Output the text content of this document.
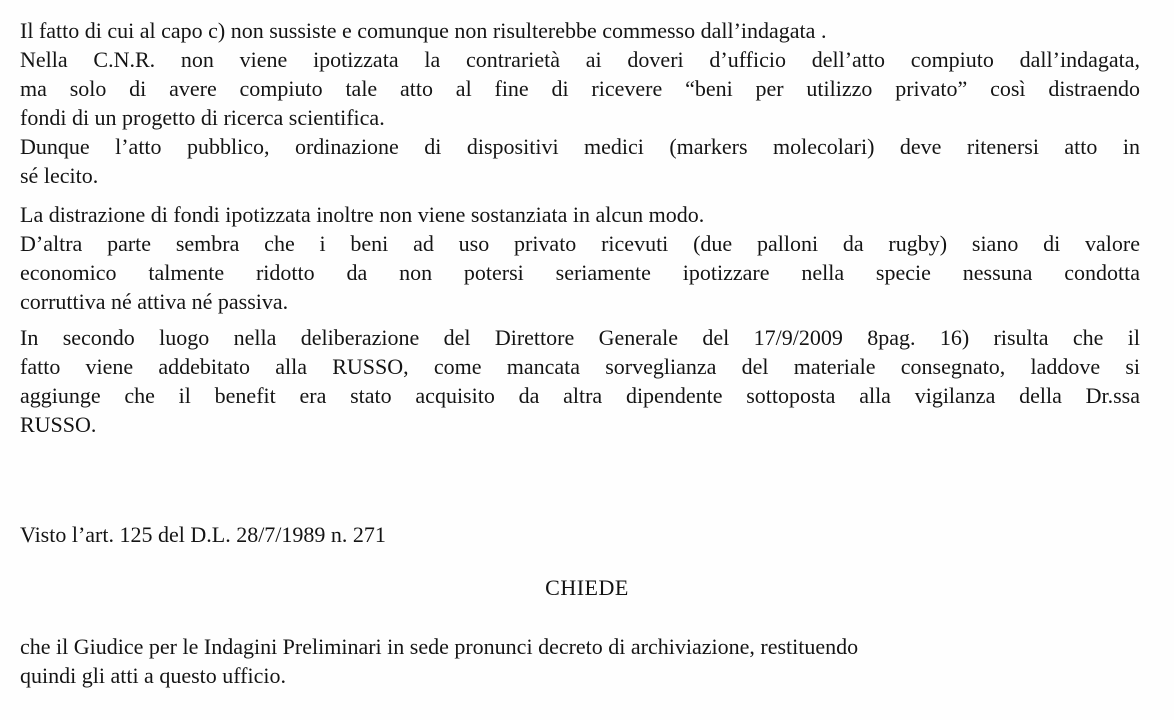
Il fatto di cui al capo c) non sussiste e comunque non risulterebbe commesso dall’indagata .

Nella C.N.R. non viene ipotizzata la contrarietà ai doveri d’ufficio dell’atto compiuto dall’indagata,
ma solo di avere compiuto tale atto al fine di ricevere “beni per utilizzo privato” così distraendo
fondi di un progetto di ricerca scientifica.

Dunque l’atto pubblico, ordinazione di dispositivi medici (markers molecolari) deve ritenersi atto in
sé lecito.

La distrazione di fondi ipotizzata inoltre non viene sostanziata in alcun modo.

D’altra parte sembra che i beni ad uso privato ricevuti (due palloni da rugby) siano di valore
economico talmente ridotto da non potersi seriamente ipotizzare nella specie nessuna condotta
corruttiva né attiva né passiva.

In secondo luogo nella deliberazione del Direttore Generale del 17/9/2009 8pag. 16) risulta che il
fatto viene addebitato alla RUSSO, come mancata sorveglianza del materiale consegnato, laddove si
aggiunge che il benefit era stato acquisito da altra dipendente sottoposta alla vigilanza della Dr.ssa
RUSSO.

Visto l’art. 125 del D.L. 28/7/1989 n. 271

CHIEDE

che il Giudice per le Indagini Preliminari in sede pronunci decreto di archiviazione, restituendo
quindi gli atti a questo ufficio.
